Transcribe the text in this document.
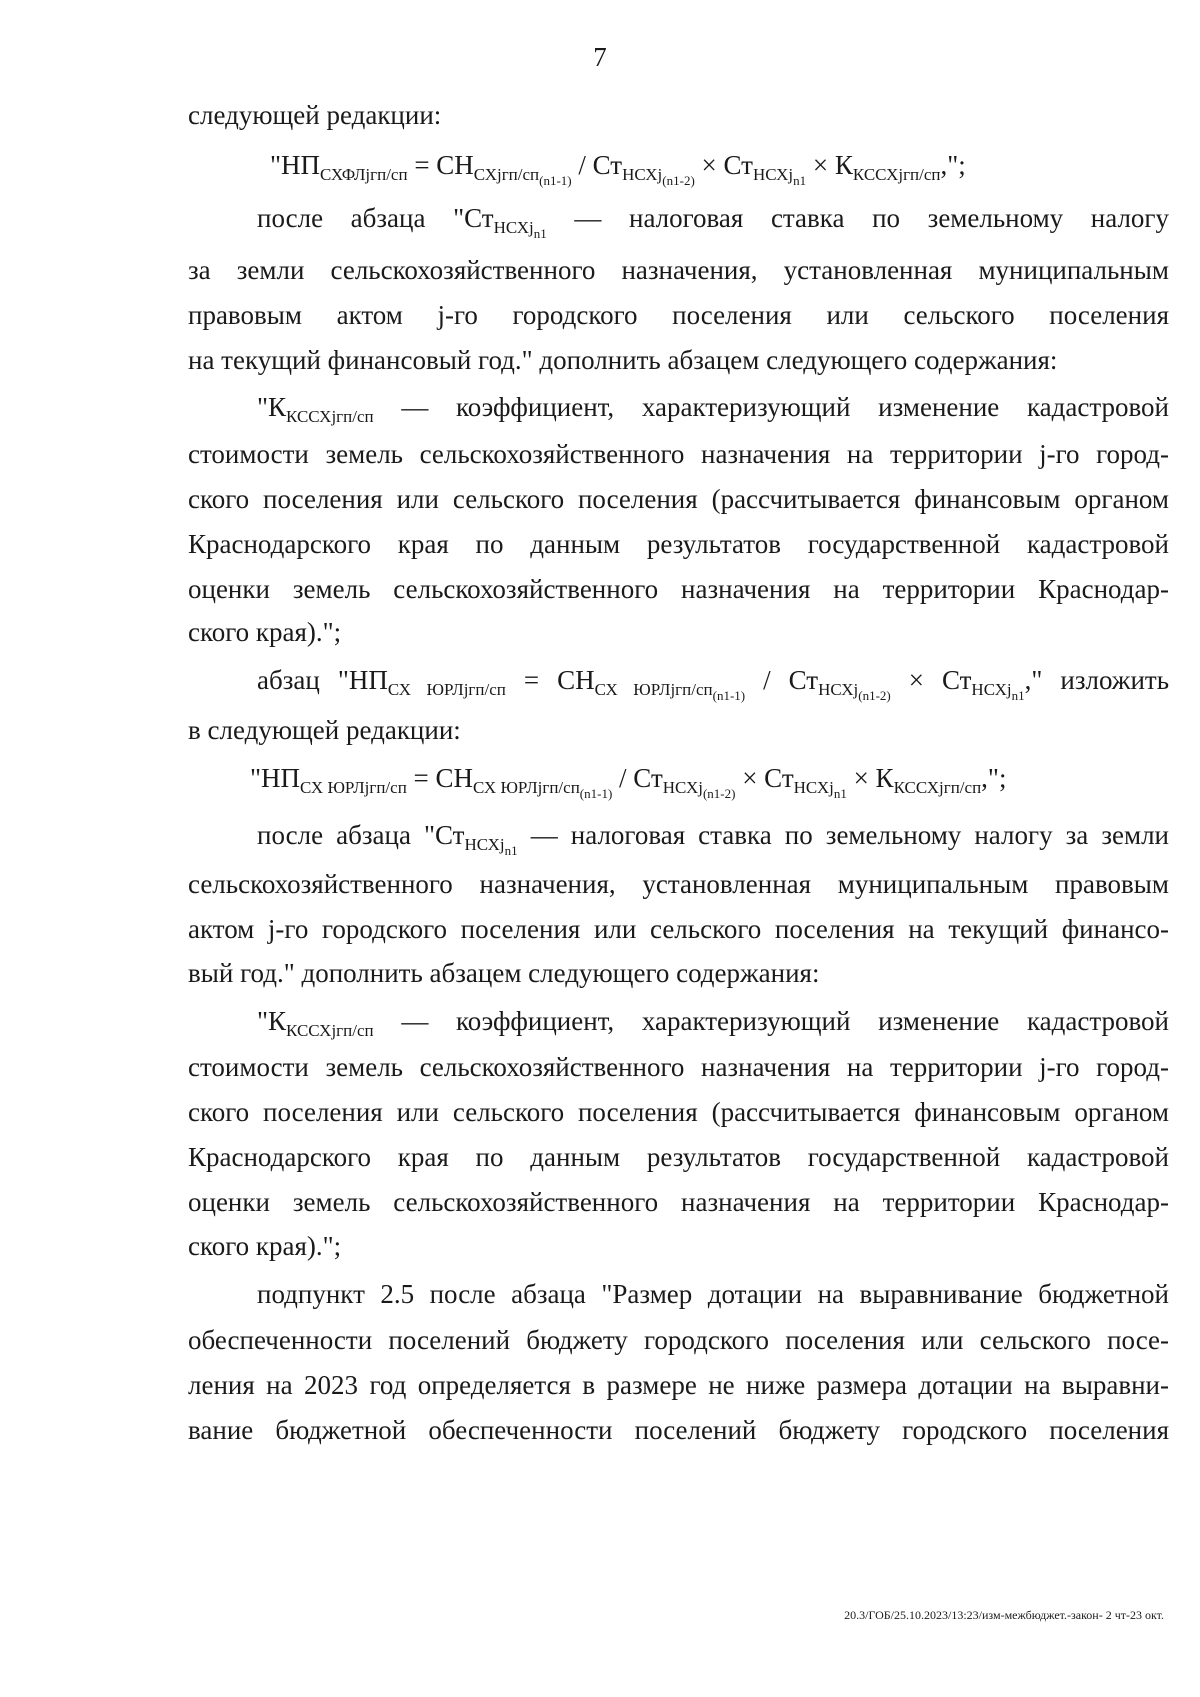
7
следующей редакции:
"$НП_{СХФЛjгп/сп} = СН_{СХjгп/сп_{(n1-1)}} / Ст_{НСХj_{(n1-2)}} \times Ст_{НСХj_{n1}} \times К_{КССХjгп/сп}$,";
после абзаца "$Ст_{НСХj_{n1}}$ — налоговая ставка по земельному налогу
за земли сельскохозяйственного назначения, установленная муниципальным
правовым актом j-го городского поселения или сельского поселения
на текущий финансовый год." дополнить абзацем следующего содержания:
"$К_{КССХjгп/сп}$ — коэффициент, характеризующий изменение кадастровой
стоимости земель сельскохозяйственного назначения на территории j-го город-
ского поселения или сельского поселения (рассчитывается финансовым органом
Краснодарского края по данным результатов государственной кадастровой
оценки земель сельскохозяйственного назначения на территории Краснодар-
ского края).";
абзац "$НП_{СХ ЮРЛjгп/сп} = СН_{СХ ЮРЛjгп/сп_{(n1-1)}} / Ст_{НСХj_{(n1-2)}} \times Ст_{НСХj_{n1}}$," изложить
в следующей редакции:
"$НП_{СХ ЮРЛjгп/сп} = СН_{СХ ЮРЛjгп/сп_{(n1-1)}} / Ст_{НСХj_{(n1-2)}} \times Ст_{НСХj_{n1}} \times К_{КССХjгп/сп}$,";
после абзаца "$Ст_{НСХj_{n1}}$ — налоговая ставка по земельному налогу за земли
сельскохозяйственного назначения, установленная муниципальным правовым
актом j-го городского поселения или сельского поселения на текущий финансо-
вый год." дополнить абзацем следующего содержания:
"$К_{КССХjгп/сп}$ — коэффициент, характеризующий изменение кадастровой
стоимости земель сельскохозяйственного назначения на территории j-го город-
ского поселения или сельского поселения (рассчитывается финансовым органом
Краснодарского края по данным результатов государственной кадастровой
оценки земель сельскохозяйственного назначения на территории Краснодар-
ского края).";
подпункт 2.5 после абзаца "Размер дотации на выравнивание бюджетной
обеспеченности поселений бюджету городского поселения или сельского посе-
ления на 2023 год определяется в размере не ниже размера дотации на выравни-
вание бюджетной обеспеченности поселений бюджету городского поселения
20.3/ГОБ/25.10.2023/13:23/изм-межбюджет.-закон- 2 чт-23 окт.
